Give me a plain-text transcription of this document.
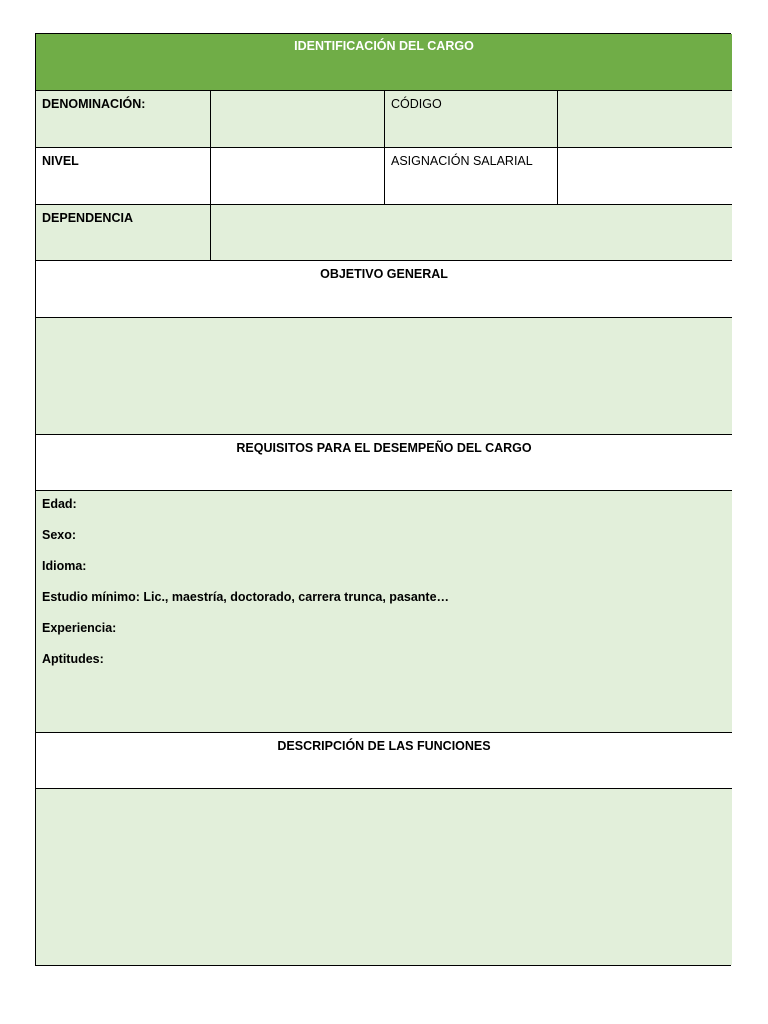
IDENTIFICACIÓN DEL CARGO
DENOMINACIÓN:	CÓDIGO
NIVEL	ASIGNACIÓN SALARIAL
DEPENDENCIA
OBJETIVO GENERAL
REQUISITOS PARA EL DESEMPEÑO DEL CARGO
Edad:
Sexo:
Idioma:
Estudio mínimo: Lic., maestría, doctorado, carrera trunca, pasante…
Experiencia:
Aptitudes:
DESCRIPCIÓN DE LAS FUNCIONES
